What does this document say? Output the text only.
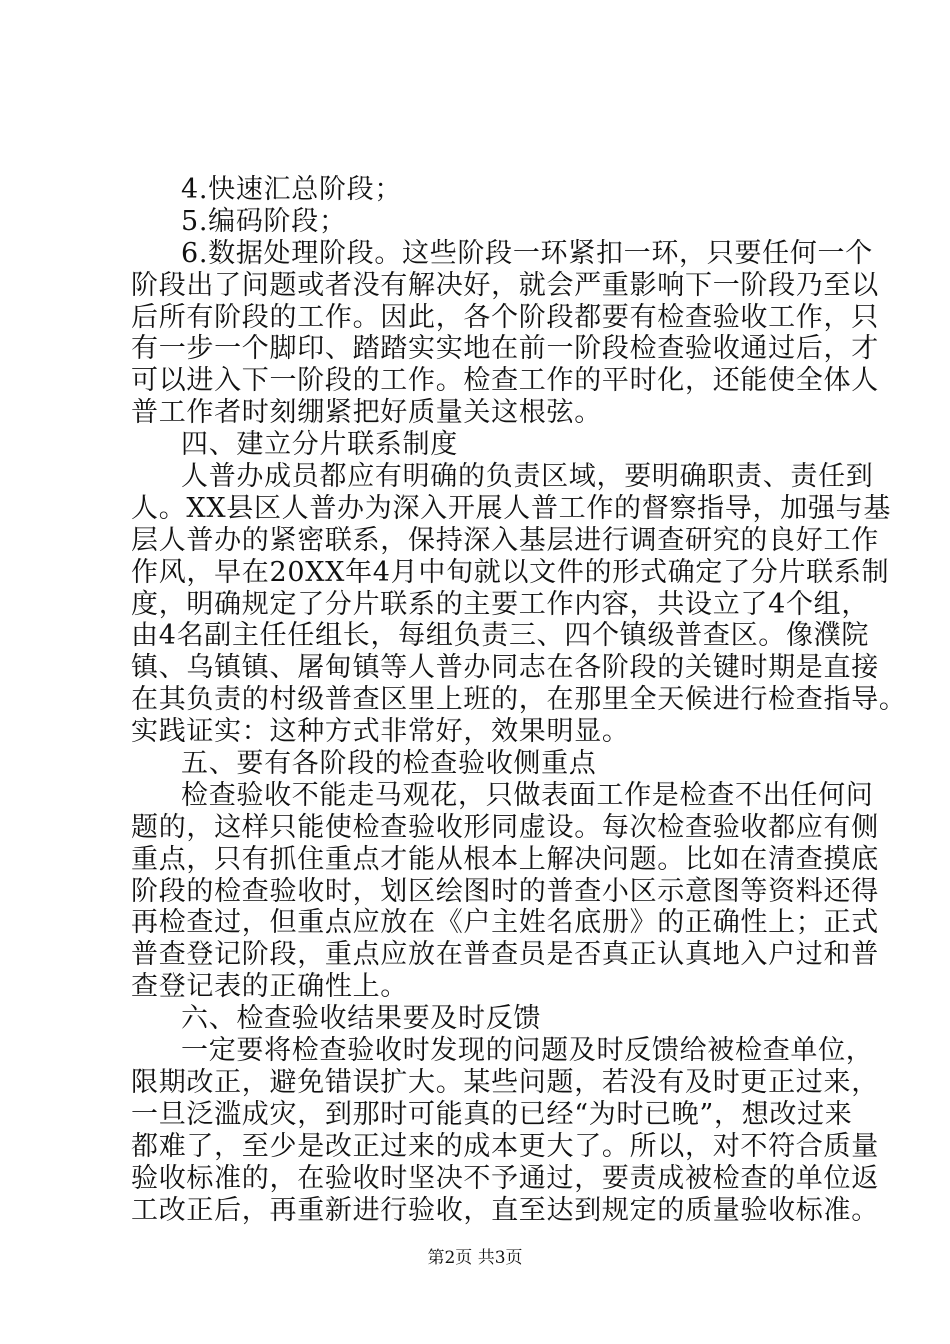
4.快速汇总阶段；
5.编码阶段；
6.数据处理阶段。这些阶段一环紧扣一环，只要任何一个
阶段出了问题或者没有解决好，就会严重影响下一阶段乃至以
后所有阶段的工作。因此，各个阶段都要有检查验收工作，只
有一步一个脚印、踏踏实实地在前一阶段检查验收通过后，才
可以进入下一阶段的工作。检查工作的平时化，还能使全体人
普工作者时刻绷紧把好质量关这根弦。
四、建立分片联系制度
人普办成员都应有明确的负责区域，要明确职责、责任到
人。XX县区人普办为深入开展人普工作的督察指导，加强与基
层人普办的紧密联系，保持深入基层进行调查研究的良好工作
作风，早在20XX年4月中旬就以文件的形式确定了分片联系制
度，明确规定了分片联系的主要工作内容，共设立了4个组，
由4名副主任任组长，每组负责三、四个镇级普查区。像濮院
镇、乌镇镇、屠甸镇等人普办同志在各阶段的关键时期是直接
在其负责的村级普查区里上班的，在那里全天候进行检查指导。
实践证实：这种方式非常好，效果明显。
五、要有各阶段的检查验收侧重点
检查验收不能走马观花，只做表面工作是检查不出任何问
题的，这样只能使检查验收形同虚设。每次检查验收都应有侧
重点，只有抓住重点才能从根本上解决问题。比如在清查摸底
阶段的检查验收时，划区绘图时的普查小区示意图等资料还得
再检查过，但重点应放在《户主姓名底册》的正确性上；正式
普查登记阶段，重点应放在普查员是否真正认真地入户过和普
查登记表的正确性上。
六、检查验收结果要及时反馈
一定要将检查验收时发现的问题及时反馈给被检查单位，
限期改正，避免错误扩大。某些问题，若没有及时更正过来，
一旦泛滥成灾，到那时可能真的已经“为时已晚”，想改过来
都难了，至少是改正过来的成本更大了。所以，对不符合质量
验收标准的，在验收时坚决不予通过，要责成被检查的单位返
工改正后，再重新进行验收，直至达到规定的质量验收标准。
第2页 共3页
